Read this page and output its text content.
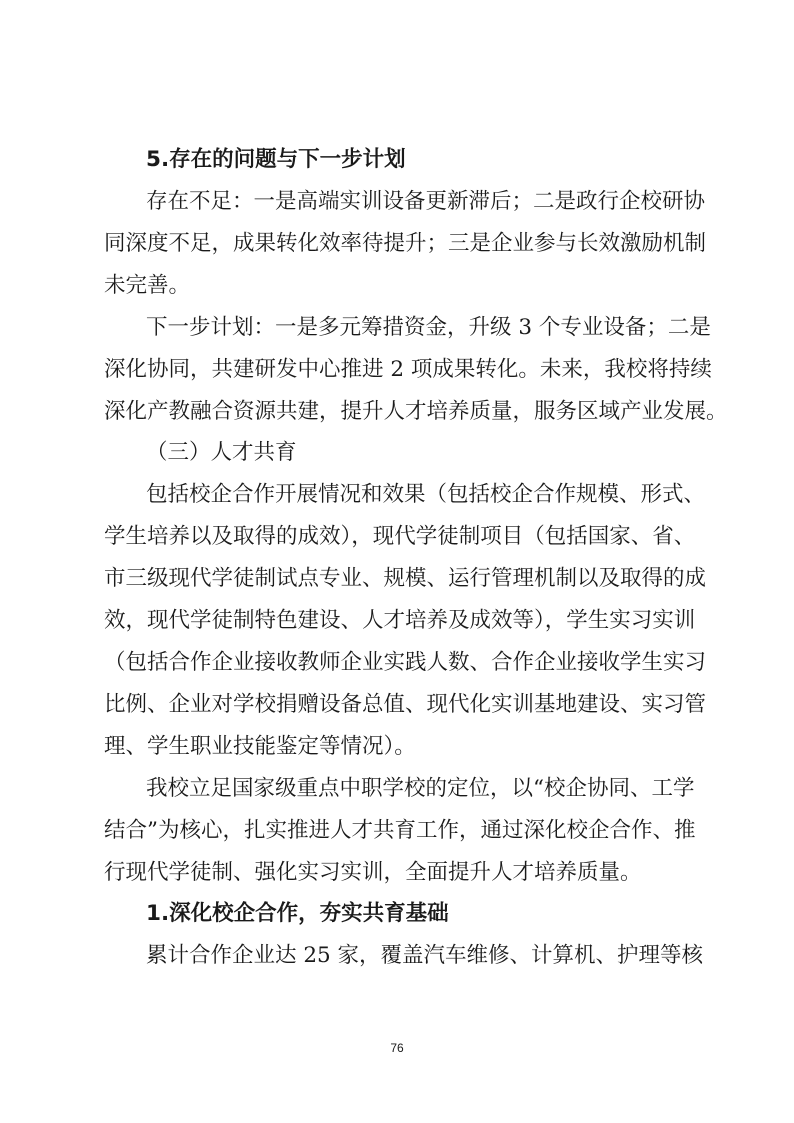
5.存在的问题与下一步计划
存在不足：一是高端实训设备更新滞后；二是政行企校研协
同深度不足，成果转化效率待提升；三是企业参与长效激励机制
未完善。
下一步计划：一是多元筹措资金，升级 3 个专业设备；二是
深化协同，共建研发中心推进 2 项成果转化。未来，我校将持续
深化产教融合资源共建，提升人才培养质量，服务区域产业发展。
（三）人才共育
包括校企合作开展情况和效果（包括校企合作规模、形式、
学生培养以及取得的成效），现代学徒制项目（包括国家、省、
市三级现代学徒制试点专业、规模、运行管理机制以及取得的成
效，现代学徒制特色建设、人才培养及成效等），学生实习实训
（包括合作企业接收教师企业实践人数、合作企业接收学生实习
比例、企业对学校捐赠设备总值、现代化实训基地建设、实习管
理、学生职业技能鉴定等情况）。
我校立足国家级重点中职学校的定位，以“校企协同、工学
结合”为核心，扎实推进人才共育工作，通过深化校企合作、推
行现代学徒制、强化实习实训，全面提升人才培养质量。
1.深化校企合作，夯实共育基础
累计合作企业达 25 家，覆盖汽车维修、计算机、护理等核
76
